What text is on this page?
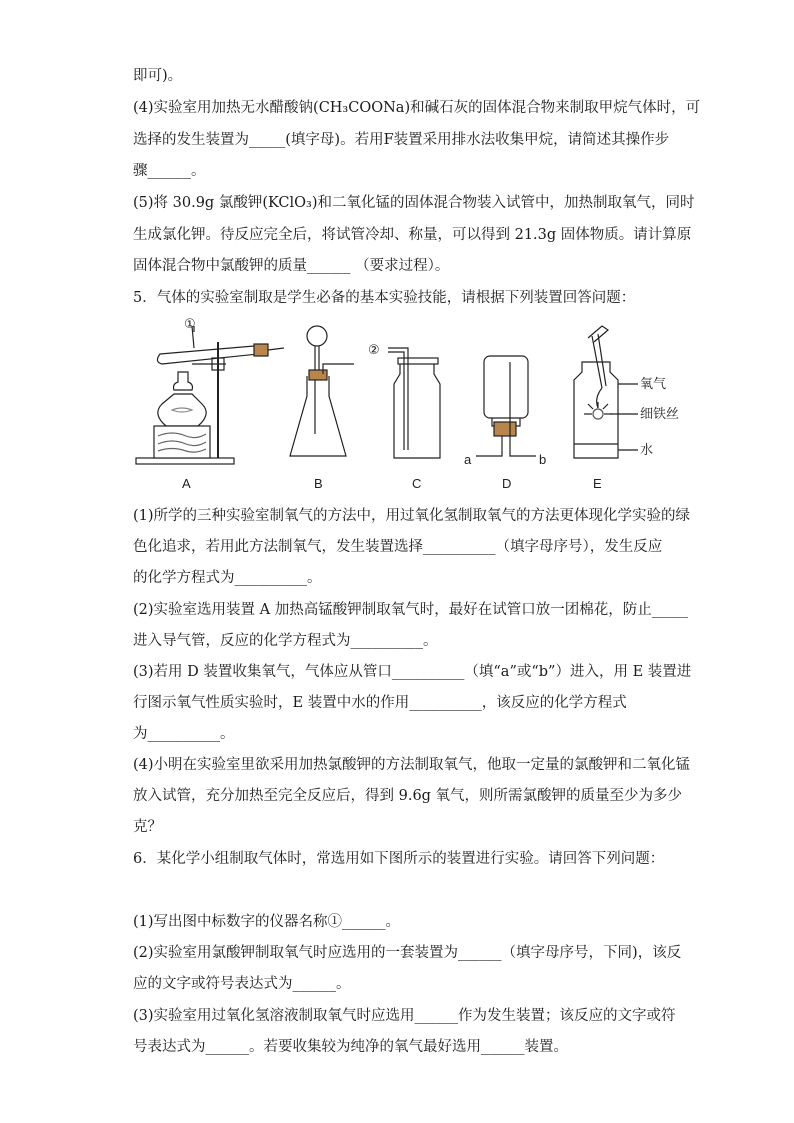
即可)。
(4)实验室用加热无水醋酸钠(CH₃COONa)和碱石灰的固体混合物来制取甲烷气体时，可
选择的发生装置为_____(填字母)。若用F装置采用排水法收集甲烷，请简述其操作步
骤______。
(5)将 30.9g 氯酸钾(KClO₃)和二氧化锰的固体混合物装入试管中，加热制取氧气，同时
生成氯化钾。待反应完全后，将试管冷却、称量，可以得到 21.3g 固体物质。请计算原
固体混合物中氯酸钾的质量______ （要求过程）。
5．气体的实验室制取是学生必备的基本实验技能，请根据下列装置回答问题：
①
②
a	b
氧气
细铁丝
水
A	B	C	D	E
(1)所学的三种实验室制氧气的方法中，用过氧化氢制取氧气的方法更体现化学实验的绿
色化追求，若用此方法制氧气，发生装置选择__________（填字母序号），发生反应
的化学方程式为__________。
(2)实验室选用装置 A 加热高锰酸钾制取氧气时，最好在试管口放一团棉花，防止_____
进入导气管，反应的化学方程式为__________。
(3)若用 D 装置收集氧气，气体应从管口__________（填“a”或“b”）进入，用 E 装置进
行图示氧气性质实验时，E 装置中水的作用__________，该反应的化学方程式
为__________。
(4)小明在实验室里欲采用加热氯酸钾的方法制取氧气，他取一定量的氯酸钾和二氧化锰
放入试管，充分加热至完全反应后，得到 9.6g 氧气，则所需氯酸钾的质量至少为多少
克？
6．某化学小组制取气体时，常选用如下图所示的装置进行实验。请回答下列问题：
(1)写出图中标数字的仪器名称①______。
(2)实验室用氯酸钾制取氧气时应选用的一套装置为______（填字母序号，下同)，该反
应的文字或符号表达式为______。
(3)实验室用过氧化氢溶液制取氧气时应选用______作为发生装置；该反应的文字或符
号表达式为______。若要收集较为纯净的氧气最好选用______装置。
